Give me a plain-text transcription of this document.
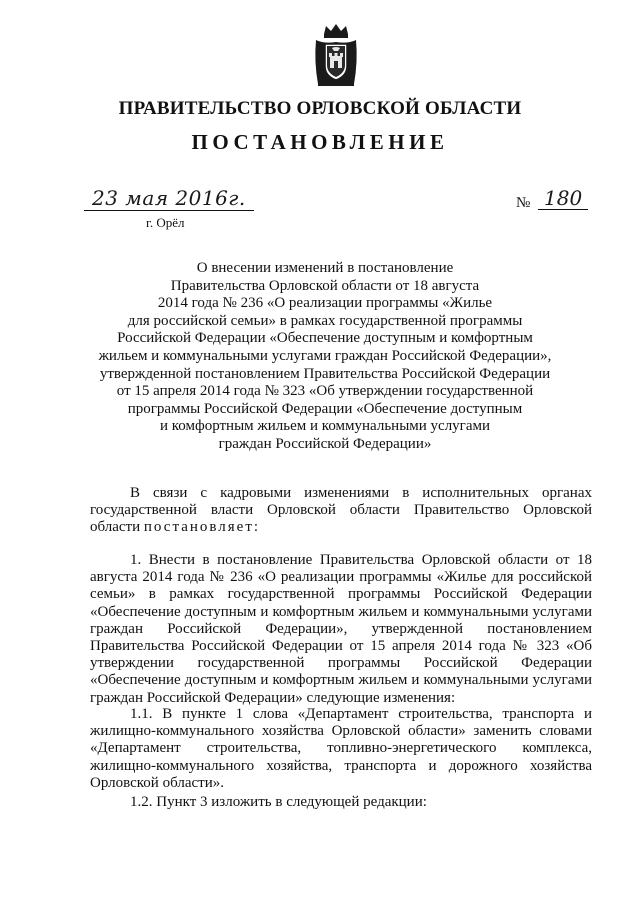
ПРАВИТЕЛЬСТВО ОРЛОВСКОЙ ОБЛАСТИ
ПОСТАНОВЛЕНИЕ
23 мая 2016г.	№ 180
г. Орёл
О внесении изменений в постановление
Правительства Орловской области от 18 августа
2014 года № 236 «О реализации программы «Жилье
для российской семьи» в рамках государственной программы
Российской Федерации «Обеспечение доступным и комфортным
жильем и коммунальными услугами граждан Российской Федерации»,
утвержденной постановлением Правительства Российской Федерации
от 15 апреля 2014 года № 323 «Об утверждении государственной
программы Российской Федерации «Обеспечение доступным
и комфортным жильем и коммунальными услугами
граждан Российской Федерации»

В связи с кадровыми изменениями в исполнительных органах государственной власти Орловской области Правительство Орловской области постановляет:

1. Внести в постановление Правительства Орловской области от 18 августа 2014 года № 236 «О реализации программы «Жилье для российской семьи» в рамках государственной программы Российской Федерации «Обеспечение доступным и комфортным жильем и коммунальными услугами граждан Российской Федерации», утвержденной постановлением Правительства Российской Федерации от 15 апреля 2014 года № 323 «Об утверждении государственной программы Российской Федерации «Обеспечение доступным и комфортным жильем и коммунальными услугами граждан Российской Федерации» следующие изменения:

1.1. В пункте 1 слова «Департамент строительства, транспорта и жилищно-коммунального хозяйства Орловской области» заменить словами «Департамент строительства, топливно-энергетического комплекса, жилищно-коммунального хозяйства, транспорта и дорожного хозяйства Орловской области».

1.2. Пункт 3 изложить в следующей редакции:
